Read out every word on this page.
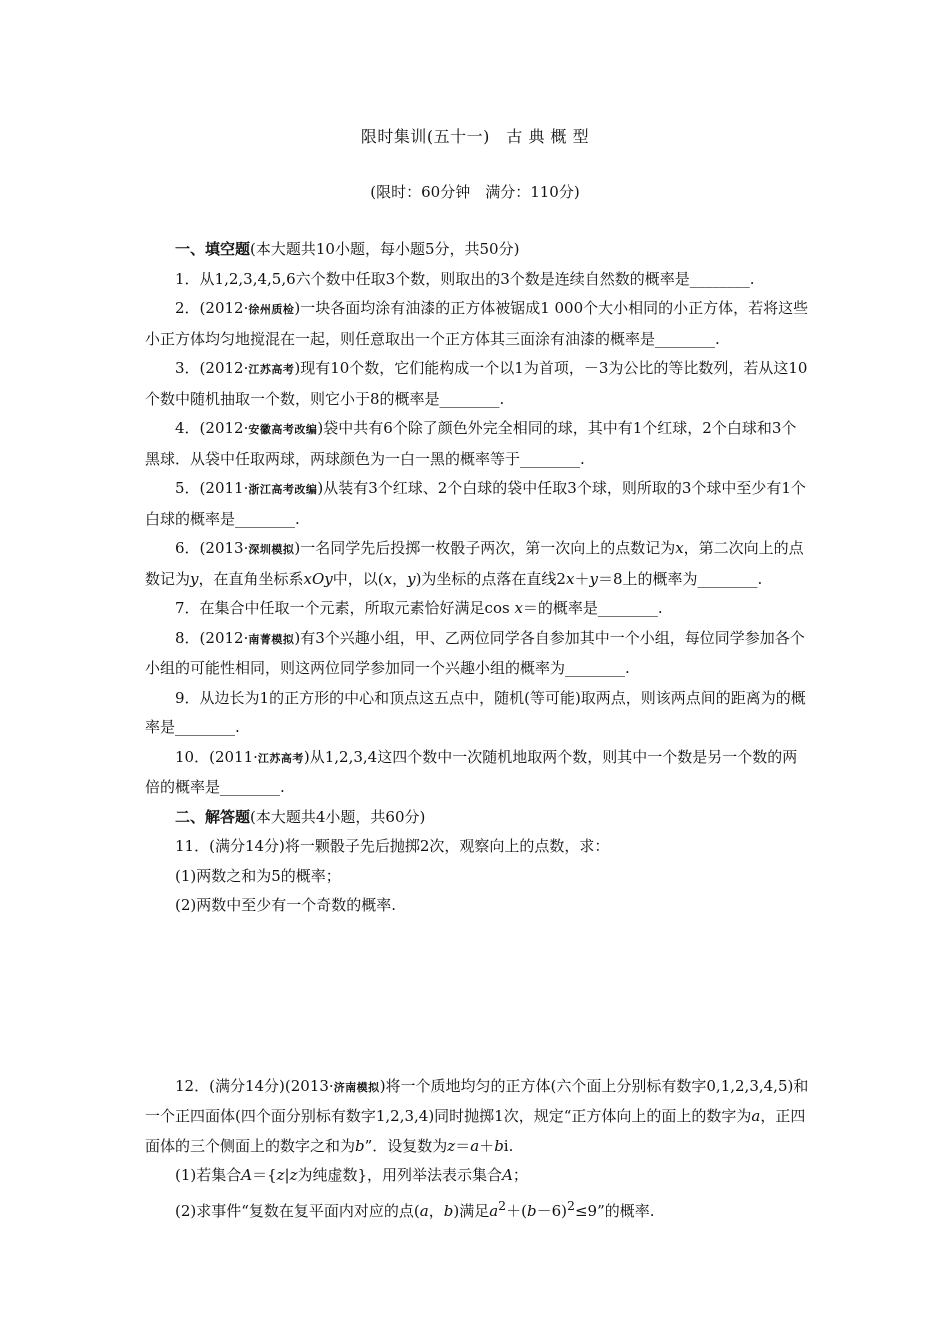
限时集训(五十一)　古 典 概 型
(限时：60分钟　满分：110分)

一、填空题(本大题共10小题，每小题5分，共50分)

1．从1,2,3,4,5,6六个数中任取3个数，则取出的3个数是连续自然数的概率是________.

2．(2012·徐州质检)一块各面均涂有油漆的正方体被锯成1 000个大小相同的小正方体，若将这些小正方体均匀地搅混在一起，则任意取出一个正方体其三面涂有油漆的概率是________.

3．(2012·江苏高考)现有10个数，它们能构成一个以1为首项，－3为公比的等比数列，若从这10个数中随机抽取一个数，则它小于8的概率是________.

4．(2012·安徽高考改编)袋中共有6个除了颜色外完全相同的球，其中有1个红球，2个白球和3个黑球．从袋中任取两球，两球颜色为一白一黑的概率等于________.

5．(2011·浙江高考改编)从装有3个红球、2个白球的袋中任取3个球，则所取的3个球中至少有1个白球的概率是________.

6．(2013·深圳模拟)一名同学先后投掷一枚骰子两次，第一次向上的点数记为x，第二次向上的点数记为y，在直角坐标系xOy中，以(x，y)为坐标的点落在直线2x＋y＝8上的概率为________.

7．在集合中任取一个元素，所取元素恰好满足cos x＝的概率是________.

8．(2012·南菁模拟)有3个兴趣小组，甲、乙两位同学各自参加其中一个小组，每位同学参加各个小组的可能性相同，则这两位同学参加同一个兴趣小组的概率为________.

9．从边长为1的正方形的中心和顶点这五点中，随机(等可能)取两点，则该两点间的距离为的概率是________.

10．(2011·江苏高考)从1,2,3,4这四个数中一次随机地取两个数，则其中一个数是另一个数的两倍的概率是________.

二、解答题(本大题共4小题，共60分)

11．(满分14分)将一颗骰子先后抛掷2次，观察向上的点数，求：

(1)两数之和为5的概率；

(2)两数中至少有一个奇数的概率.

12．(满分14分)(2013·济南模拟)将一个质地均匀的正方体(六个面上分别标有数字0,1,2,3,4,5)和一个正四面体(四个面分别标有数字1,2,3,4)同时抛掷1次，规定“正方体向上的面上的数字为a，正四面体的三个侧面上的数字之和为b”．设复数为z＝a＋bi.

(1)若集合A＝{z|z为纯虚数}，用列举法表示集合A；

(2)求事件“复数在复平面内对应的点(a，b)满足$a^2+(b-6)^2\le 9$”的概率.
